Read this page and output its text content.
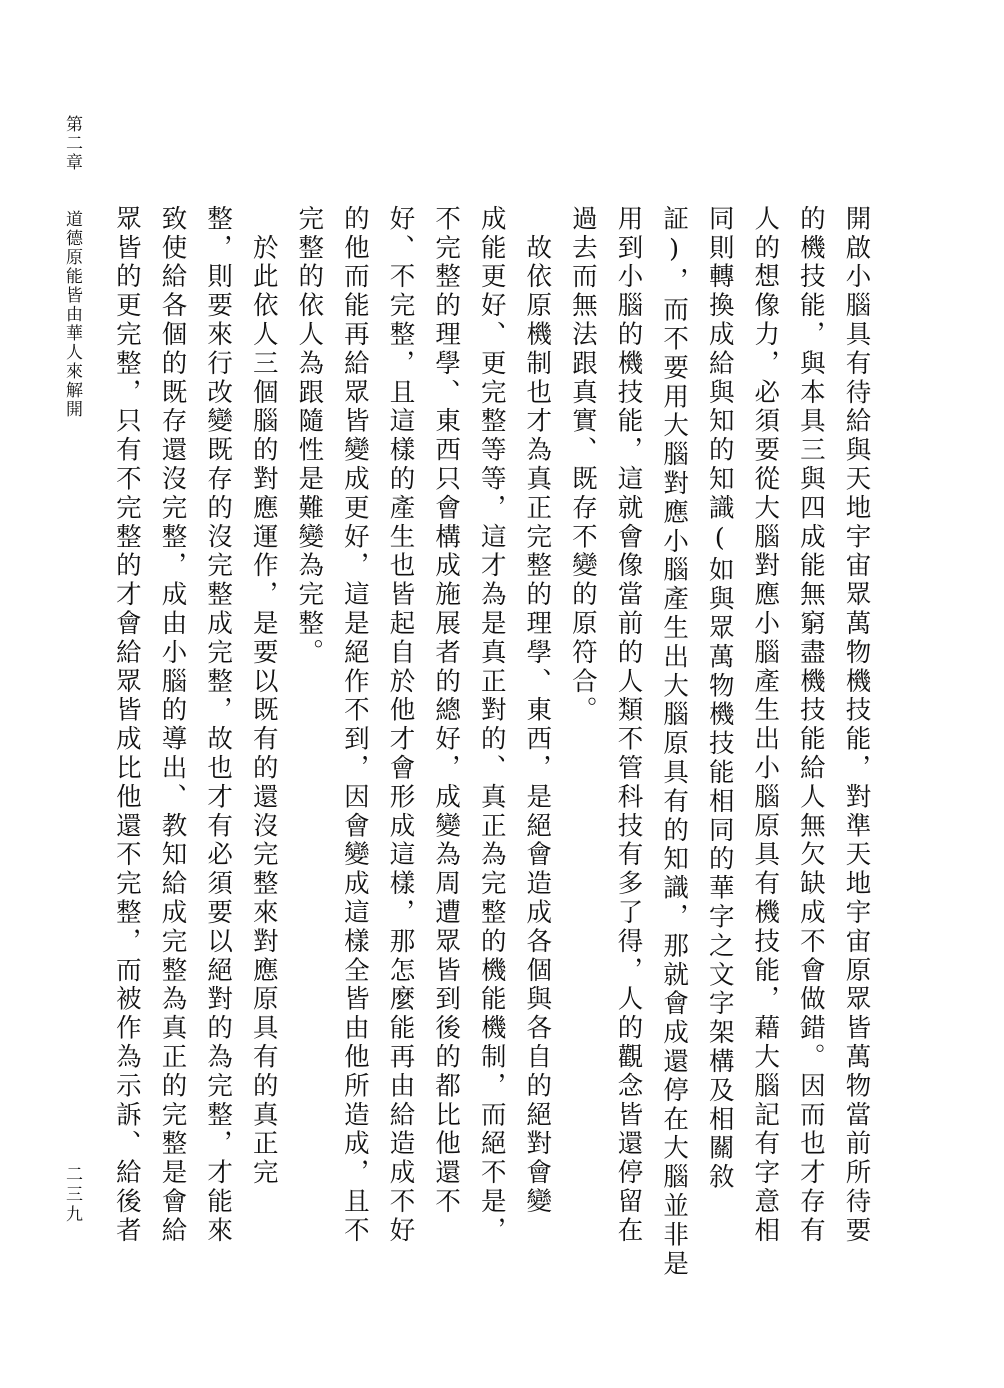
第二章　　道德原能皆由華人來解開
二三九	開啟小腦具有待給與天地宇宙眾萬物機技能，對準天地宇宙原眾皆萬物當前所待要
的機技能，與本具三與四成能無窮盡機技能給人無欠缺成不會做錯。因而也才存有
人的想像力，必須要從大腦對應小腦產生出小腦原具有機技能，藉大腦記有字意相
同則轉換成給與知的知識(如與眾萬物機技能相同的華字之文字架構及相關敘
証)，而不要用大腦對應小腦產生出大腦原具有的知識，那就會成還停在大腦並非是
用到小腦的機技能，這就會像當前的人類不管科技有多了得，人的觀念皆還停留在
過去而無法跟真實、既存不變的原符合。
　故依原機制也才為真正完整的理學、東西，是絕會造成各個與各自的絕對會變
成能更好、更完整等等，這才為是真正對的、真正為完整的機能機制，而絕不是，
不完整的理學、東西只會構成施展者的總好，成變為周遭眾皆到後的都比他還不
好、不完整，且這樣的產生也皆起自於他才會形成這樣，那怎麼能再由給造成不好
的他而能再給眾皆變成更好，這是絕作不到，因會變成這樣全皆由他所造成，且不
完整的依人為跟隨性是難變為完整。
　於此依人三個腦的對應運作，是要以既有的還沒完整來對應原具有的真正完
整，則要來行改變既存的沒完整成完整，故也才有必須要以絕對的為完整，才能來
致使給各個的既存還沒完整，成由小腦的導出、教知給成完整為真正的完整是會給
眾皆的更完整，只有不完整的才會給眾皆成比他還不完整，而被作為示訴、給後者
